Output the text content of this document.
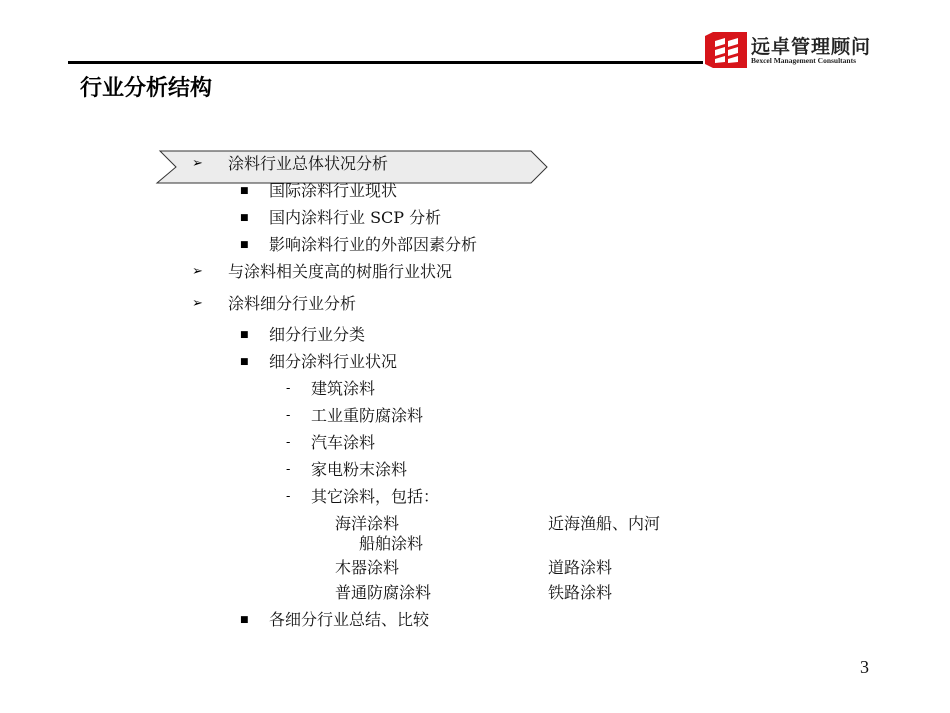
远卓管理顾问
Bexcel Management Consultants
行业分析结构
➢ 涂料行业总体状况分析
■ 国际涂料行业现状
■ 国内涂料行业 SCP 分析
■ 影响涂料行业的外部因素分析
➢ 与涂料相关度高的树脂行业状况
➢ 涂料细分行业分析
■ 细分行业分类
■ 细分涂料行业状况
- 建筑涂料
- 工业重防腐涂料
- 汽车涂料
- 家电粉末涂料
- 其它涂料，包括：
海洋涂料	近海渔船、内河
船舶涂料
木器涂料	道路涂料
普通防腐涂料	铁路涂料
■ 各细分行业总结、比较
3
